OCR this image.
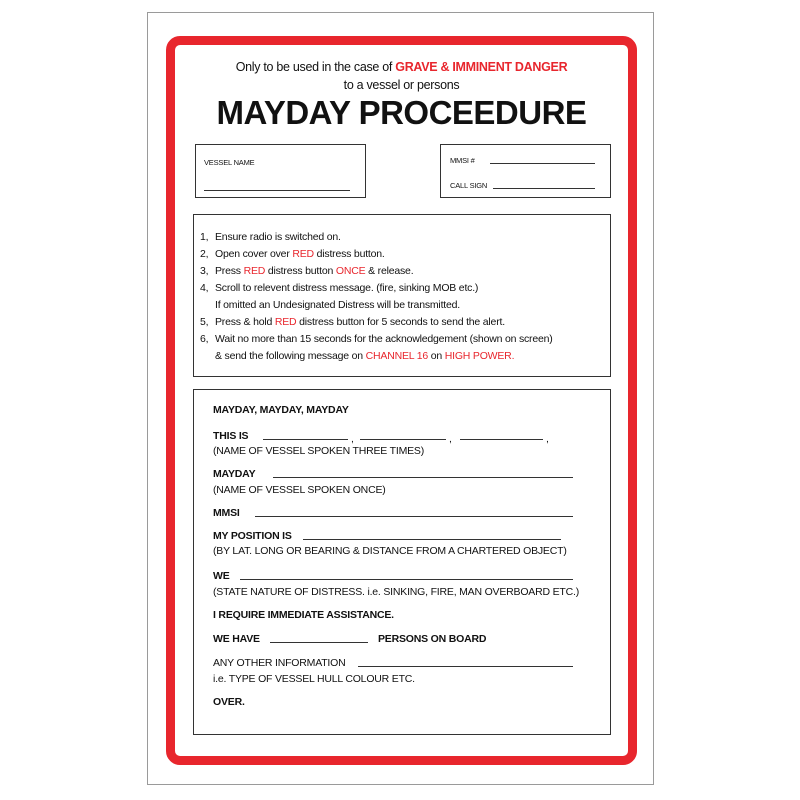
Only to be used in the case of GRAVE & IMMINENT DANGER
to a vessel or persons
MAYDAY PROCEEDURE
VESSEL NAME	MMSI #
CALL SIGN
1, Ensure radio is switched on.
2, Open cover over RED distress button.
3, Press RED distress button ONCE & release.
4, Scroll to relevent distress message. (fire, sinking MOB etc.)
If omitted an Undesignated Distress will be transmitted.
5, Press & hold RED distress button for 5 seconds to send the alert.
6, Wait no more than 15 seconds for the acknowledgement (shown on screen)
& send the following message on CHANNEL 16 on HIGH POWER.
MAYDAY, MAYDAY, MAYDAY
THIS IS	,	,	,
(NAME OF VESSEL SPOKEN THREE TIMES)
MAYDAY
(NAME OF VESSEL SPOKEN ONCE)
MMSI
MY POSITION IS
(BY LAT. LONG OR BEARING & DISTANCE FROM A CHARTERED OBJECT)
WE
(STATE NATURE OF DISTRESS. i.e. SINKING, FIRE, MAN OVERBOARD ETC.)
I REQUIRE IMMEDIATE ASSISTANCE.
WE HAVE	PERSONS ON BOARD
ANY OTHER INFORMATION
i.e. TYPE OF VESSEL HULL COLOUR ETC.
OVER.
